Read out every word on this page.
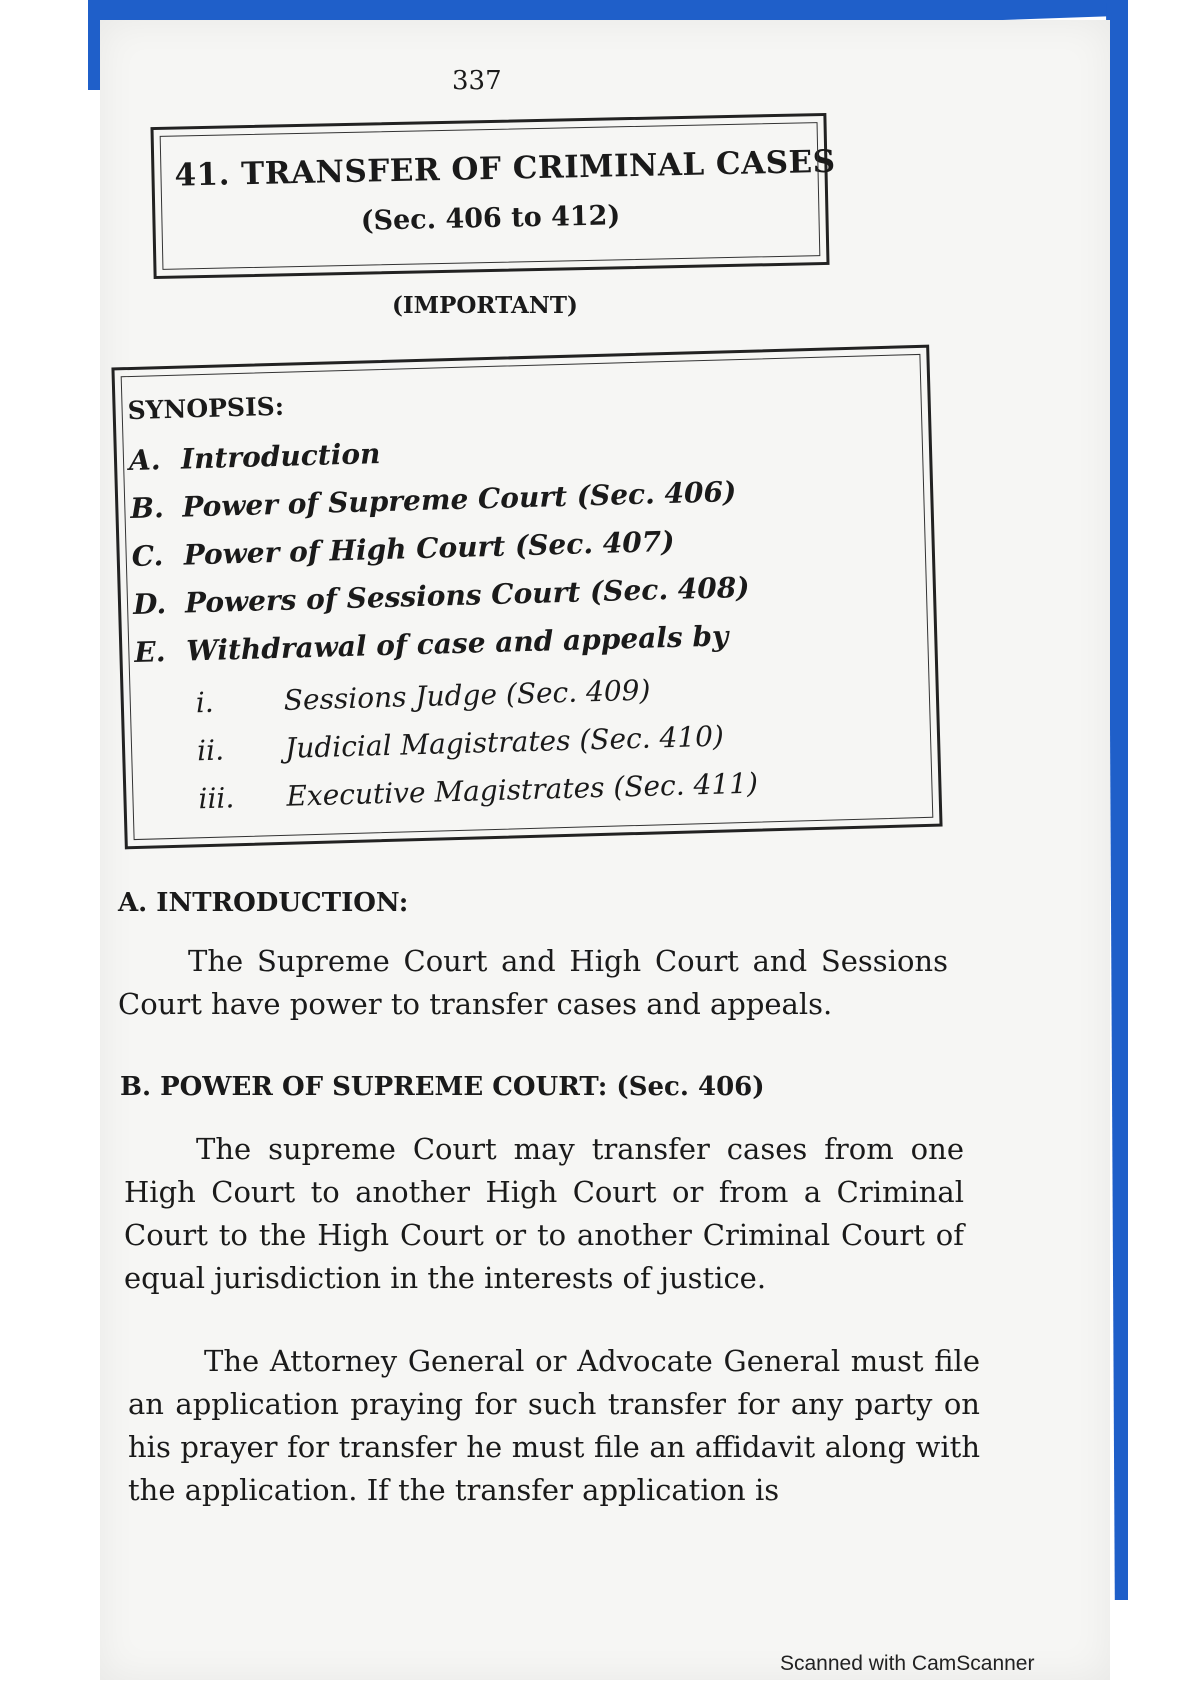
337
41. TRANSFER OF CRIMINAL CASES
(Sec. 406 to 412)
(IMPORTANT)
SYNOPSIS:
A. Introduction
B. Power of Supreme Court (Sec. 406)
C. Power of High Court (Sec. 407)
D. Powers of Sessions Court (Sec. 408)
E. Withdrawal of case and appeals by
i. Sessions Judge (Sec. 409)
ii. Judicial Magistrates (Sec. 410)
iii. Executive Magistrates (Sec. 411)
A. INTRODUCTION:
The Supreme Court and High Court and Sessions Court have power to transfer cases and appeals.
B. POWER OF SUPREME COURT: (Sec. 406)
The supreme Court may transfer cases from one High Court to another High Court or from a Criminal Court to the High Court or to another Criminal Court of equal jurisdiction in the interests of justice.
The Attorney General or Advocate General must file an application praying for such transfer for any party on his prayer for transfer he must file an affidavit along with the application. If the transfer application is
Scanned with CamScanner
